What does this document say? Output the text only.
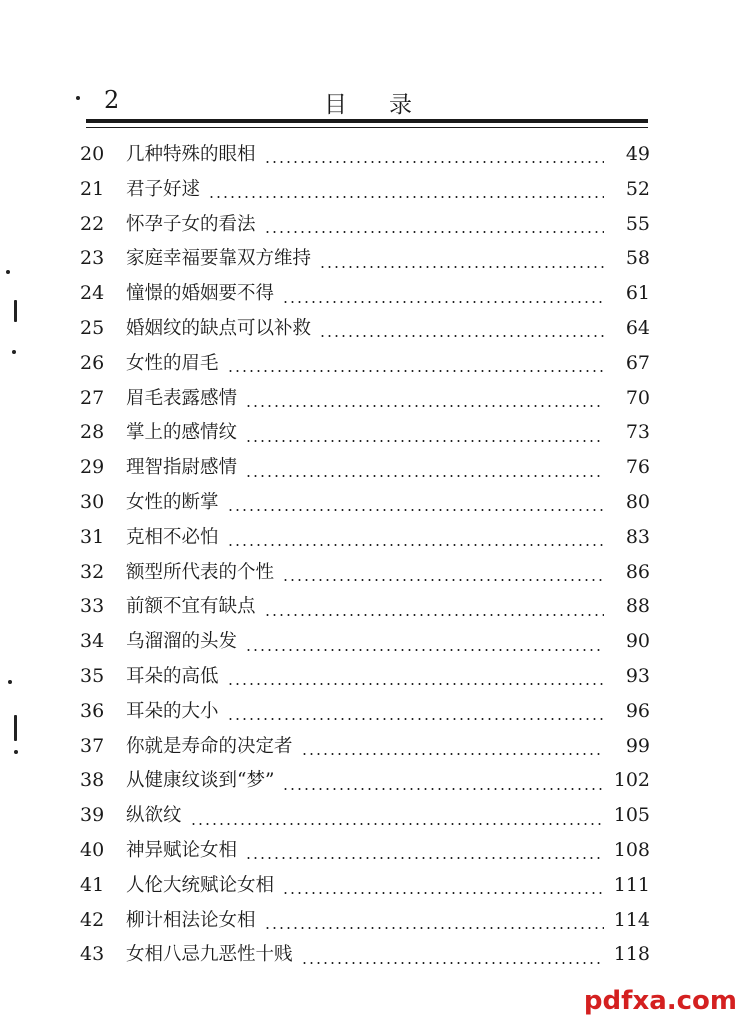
2	目录
20	几种特殊的眼相	49
21	君子好逑	52
22	怀孕子女的看法	55
23	家庭幸福要靠双方维持	58
24	憧憬的婚姻要不得	61
25	婚姻纹的缺点可以补救	64
26	女性的眉毛	67
27	眉毛表露感情	70
28	掌上的感情纹	73
29	理智指尉感情	76
30	女性的断掌	80
31	克相不必怕	83
32	额型所代表的个性	86
33	前额不宜有缺点	88
34	乌溜溜的头发	90
35	耳朵的高低	93
36	耳朵的大小	96
37	你就是寿命的决定者	99
38	从健康纹谈到“梦”	102
39	纵欲纹	105
40	神异赋论女相	108
41	人伦大统赋论女相	111
42	柳计相法论女相	114
43	女相八忌九恶性十贱	118
pdfxa.com
